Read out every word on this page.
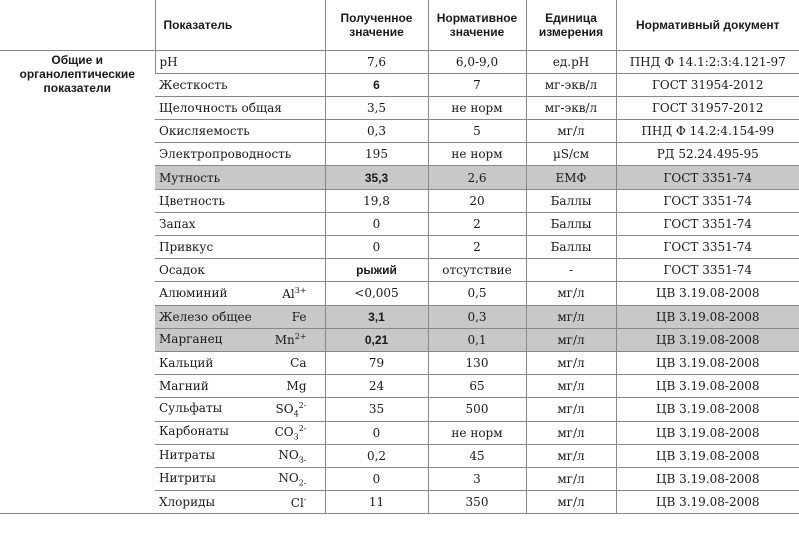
	Показатель	Полученное значение	Нормативное значение	Единица измерения	Нормативный документ
Общие и органолептические показатели	pH	7,6	6,0-9,0	ед.pH	ПНД Ф 14.1:2:3:4.121-97

	Жесткость	6	7	мг-экв/л	ГОСТ 31954-2012

	Щелочность общая	3,5	не норм	мг-экв/л	ГОСТ 31957-2012

	Окисляемость	0,3	5	мг/л	ПНД Ф 14.2:4.154-99

	Электропроводность	195	не норм	µS/см	РД 52.24.495-95

	Мутность	35,3	2,6	ЕМФ	ГОСТ 3351-74

	Цветность	19,8	20	Баллы	ГОСТ 3351-74

	Запах	0	2	Баллы	ГОСТ 3351-74

	Привкус	0	2	Баллы	ГОСТ 3351-74

	Осадок	рыжий	отсутствие	-	ГОСТ 3351-74

	Алюминий $Al^{3+}$	<0,005	0,5	мг/л	ЦВ 3.19.08-2008

	Железо общее Fe	3,1	0,3	мг/л	ЦВ 3.19.08-2008

	Марганец $Mn^{2+}$	0,21	0,1	мг/л	ЦВ 3.19.08-2008

	Кальций Ca	79	130	мг/л	ЦВ 3.19.08-2008

	Магний Mg	24	65	мг/л	ЦВ 3.19.08-2008

	Сульфаты $SO_4^{2-}$	35	500	мг/л	ЦВ 3.19.08-2008

	Карбонаты $CO_3^{2-}$	0	не норм	мг/л	ЦВ 3.19.08-2008

	Нитраты $NO_{3-}$	0,2	45	мг/л	ЦВ 3.19.08-2008

	Нитриты $NO_{2-}$	0	3	мг/л	ЦВ 3.19.08-2008

	Хлориды Cl-	11	350	мг/л	ЦВ 3.19.08-2008
